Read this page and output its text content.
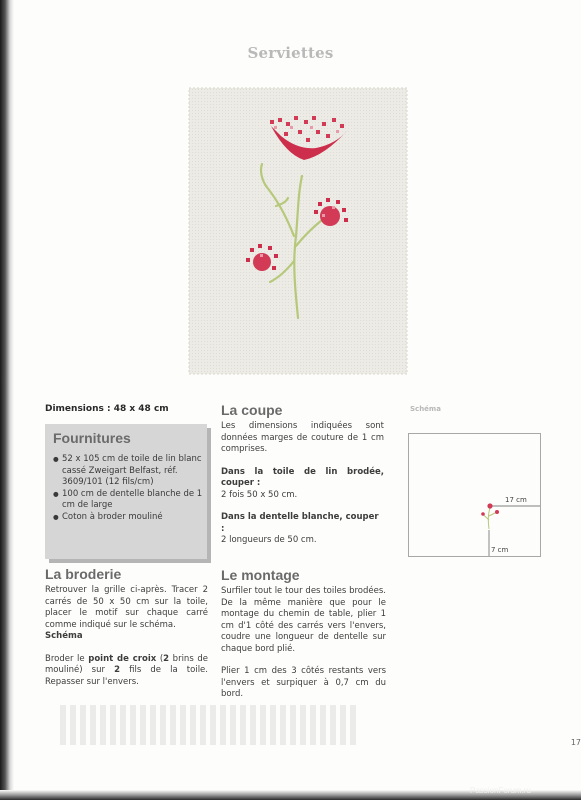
Serviettes
Dimensions : 48 x 48 cm
Fournitures
● 52 x 105 cm de toile de lin blanc cassé Zweigart Belfast, réf. 3609/101 (12 fils/cm)
● 100 cm de dentelle blanche de 1 cm de large
● Coton à broder mouliné
La broderie

Retrouver la grille ci-après. Tracer 2 carrés de 50 x 50 cm sur la toile, placer le motif sur chaque carré comme indiqué sur le schéma.

Schéma

Broder le point de croix (2 brins de mouliné) sur 2 fils de la toile. Repasser sur l'envers.

La coupe

Les dimensions indiquées sont données marges de couture de 1 cm comprises.

Dans la toile de lin brodée, couper :

2 fois 50 x 50 cm.

Dans la dentelle blanche, couper :

2 longueurs de 50 cm.

Le montage

Surfiler tout le tour des toiles brodées. De la même manière que pour le montage du chemin de table, plier 1 cm d'1 côté des carrés vers l'envers, coudre une longueur de dentelle sur chaque bord plié.

Plier 1 cm des 3 côtés restants vers l'envers et surpiquer à 0,7 cm du bord.

Schéma
17 cm
7 cm
17
PassionForum.ru
